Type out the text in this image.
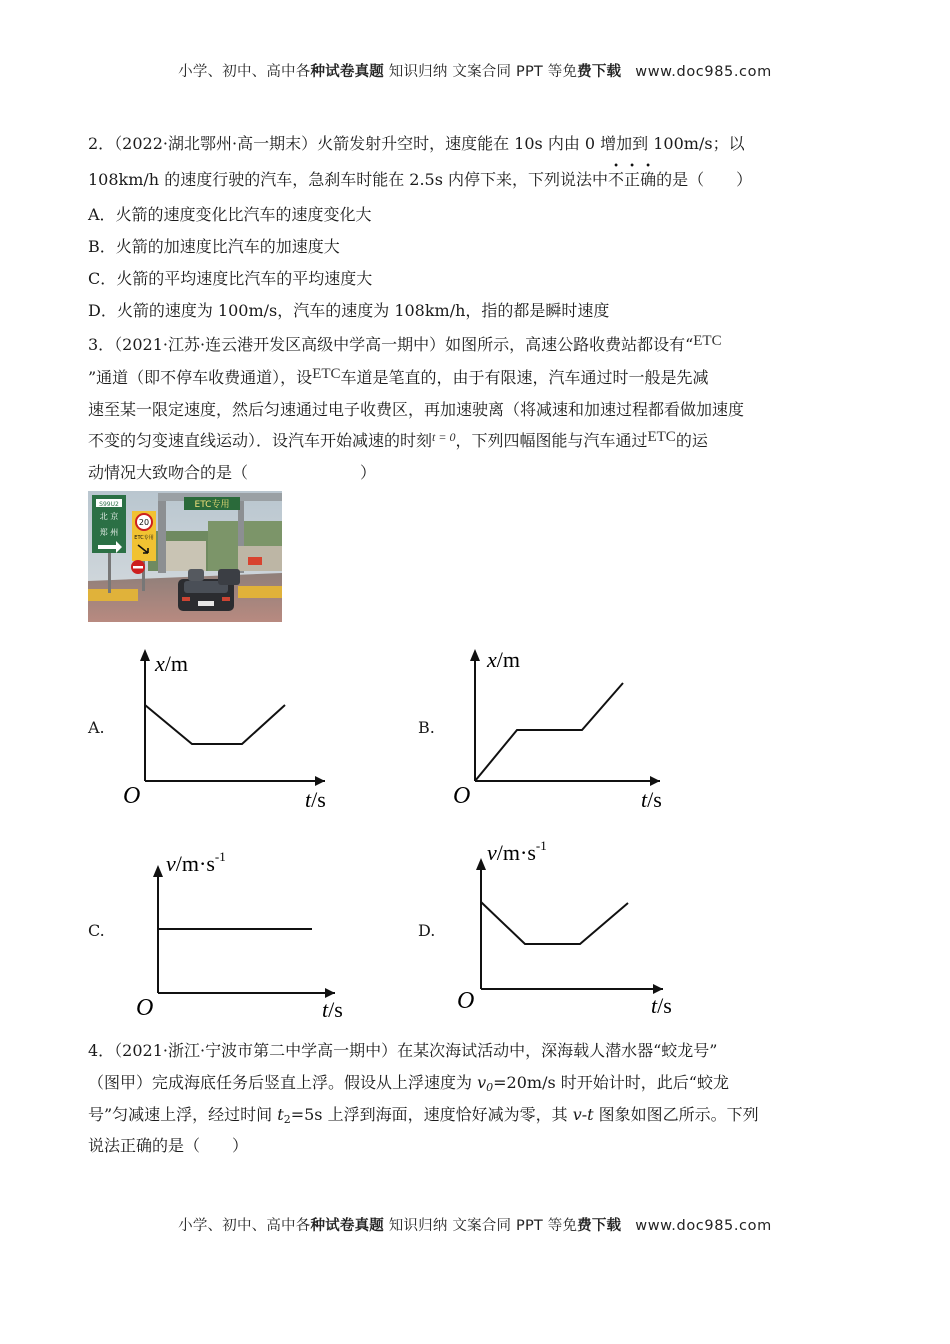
小学、初中、高中各种试卷真题 知识归纳 文案合同 PPT 等免费下载 www.doc985.com
2．（2022·湖北鄂州·高一期末）火箭发射升空时，速度能在 10s 内由 0 增加到 100m/s；以
108km/h 的速度行驶的汽车，急刹车时能在 2.5s 内停下来，下列说法中不正确的是（　　）
A．火箭的速度变化比汽车的速度变化大
B．火箭的加速度比汽车的加速度大
C．火箭的平均速度比汽车的平均速度大
D．火箭的速度为 100m/s，汽车的速度为 108km/h，指的都是瞬时速度
3．（2021·江苏·连云港开发区高级中学高一期中）如图所示，高速公路收费站都设有“ETC
”通道（即不停车收费通道），设ETC车道是笔直的，由于有限速，汽车通过时一般是先减
速至某一限定速度，然后匀速通过电子收费区，再加速驶离（将减速和加速过程都看做加速度
不变的匀变速直线运动）．设汽车开始减速的时刻$^{t = 0}$，下列四幅图能与汽车通过ETC的运
动情况大致吻合的是（　　　　　　　）
ETC专用
S99U2
北 京
郑 州
20
ETC专用
A.	B.
C.	D.
x/m
O	t/s
x/m
O	t/s
$v/m\cdot s^{-1}$
O	t/s
$v/m\cdot s^{-1}$
O	t/s
4．（2021·浙江·宁波市第二中学高一期中）在某次海试活动中，深海载人潜水器“蛟龙号”
（图甲）完成海底任务后竖直上浮。假设从上浮速度为 $v_0=20m/s$ 时开始计时，此后“蛟龙
号”匀减速上浮，经过时间 $t_2=5s$ 上浮到海面，速度恰好减为零，其 v-t 图象如图乙所示。下列
说法正确的是（　　）
小学、初中、高中各种试卷真题 知识归纳 文案合同 PPT 等免费下载 www.doc985.com
